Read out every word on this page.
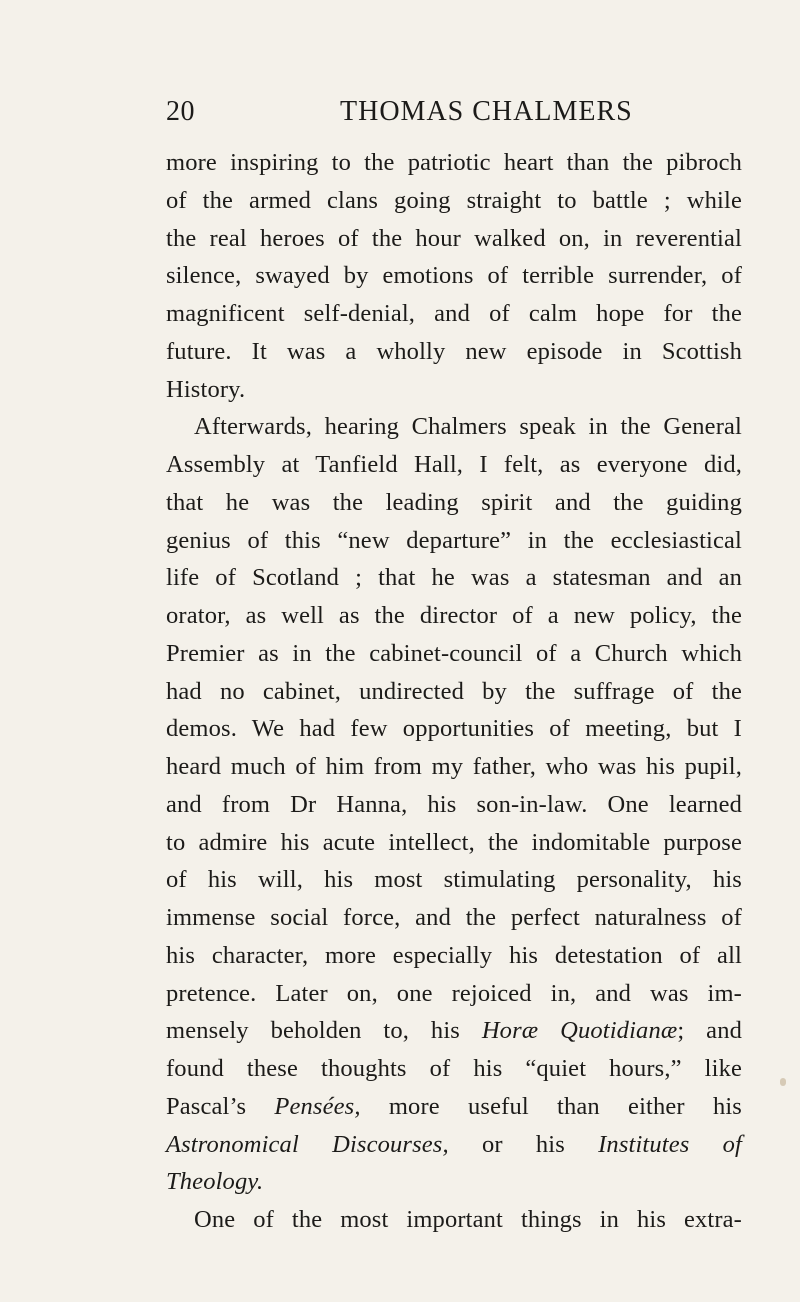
20	THOMAS CHALMERS
more inspiring to the patriotic heart than the pibroch
of the armed clans going straight to battle ; while
the real heroes of the hour walked on, in reverential
silence, swayed by emotions of terrible surrender, of
magnificent self-denial, and of calm hope for the
future. It was a wholly new episode in Scottish
History.
Afterwards, hearing Chalmers speak in the General
Assembly at Tanfield Hall, I felt, as everyone did,
that he was the leading spirit and the guiding
genius of this “new departure” in the ecclesiastical
life of Scotland ; that he was a statesman and an
orator, as well as the director of a new policy, the
Premier as in the cabinet-council of a Church which
had no cabinet, undirected by the suffrage of the
demos. We had few opportunities of meeting, but I
heard much of him from my father, who was his pupil,
and from Dr Hanna, his son-in-law. One learned
to admire his acute intellect, the indomitable purpose
of his will, his most stimulating personality, his
immense social force, and the perfect naturalness of
his character, more especially his detestation of all
pretence. Later on, one rejoiced in, and was im-
mensely beholden to, his Horæ Quotidianæ; and
found these thoughts of his “quiet hours,” like
Pascal’s Pensées, more useful than either his
Astronomical Discourses, or his Institutes of
Theology.
One of the most important things in his extra-
